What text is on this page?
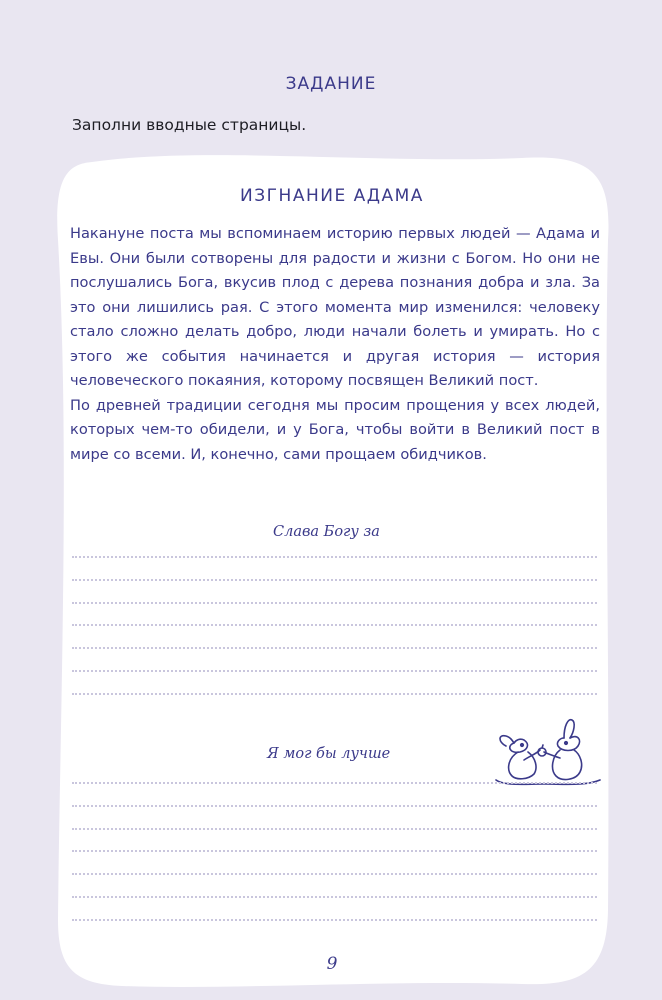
ЗАДАНИЕ
Заполни вводные страницы.
ИЗГНАНИЕ АДАМА

Накануне поста мы вспоминаем историю первых людей — Адама и Евы. Они были сотворены для радости и жизни с Богом. Но они не послушались Бога, вкусив плод с дерева познания добра и зла. За это они лишились рая. С этого момента мир изменился: человеку стало сложно делать добро, люди начали болеть и умирать. Но с этого же события начинается и другая история — история человеческого покаяния, которому посвящен Великий пост.

По древней традиции сегодня мы просим прощения у всех людей, которых чем-то обидели, и у Бога, чтобы войти в Великий пост в мире со всеми. И, конечно, сами прощаем обидчиков.

Слава Богу за
Я мог бы лучше
9
